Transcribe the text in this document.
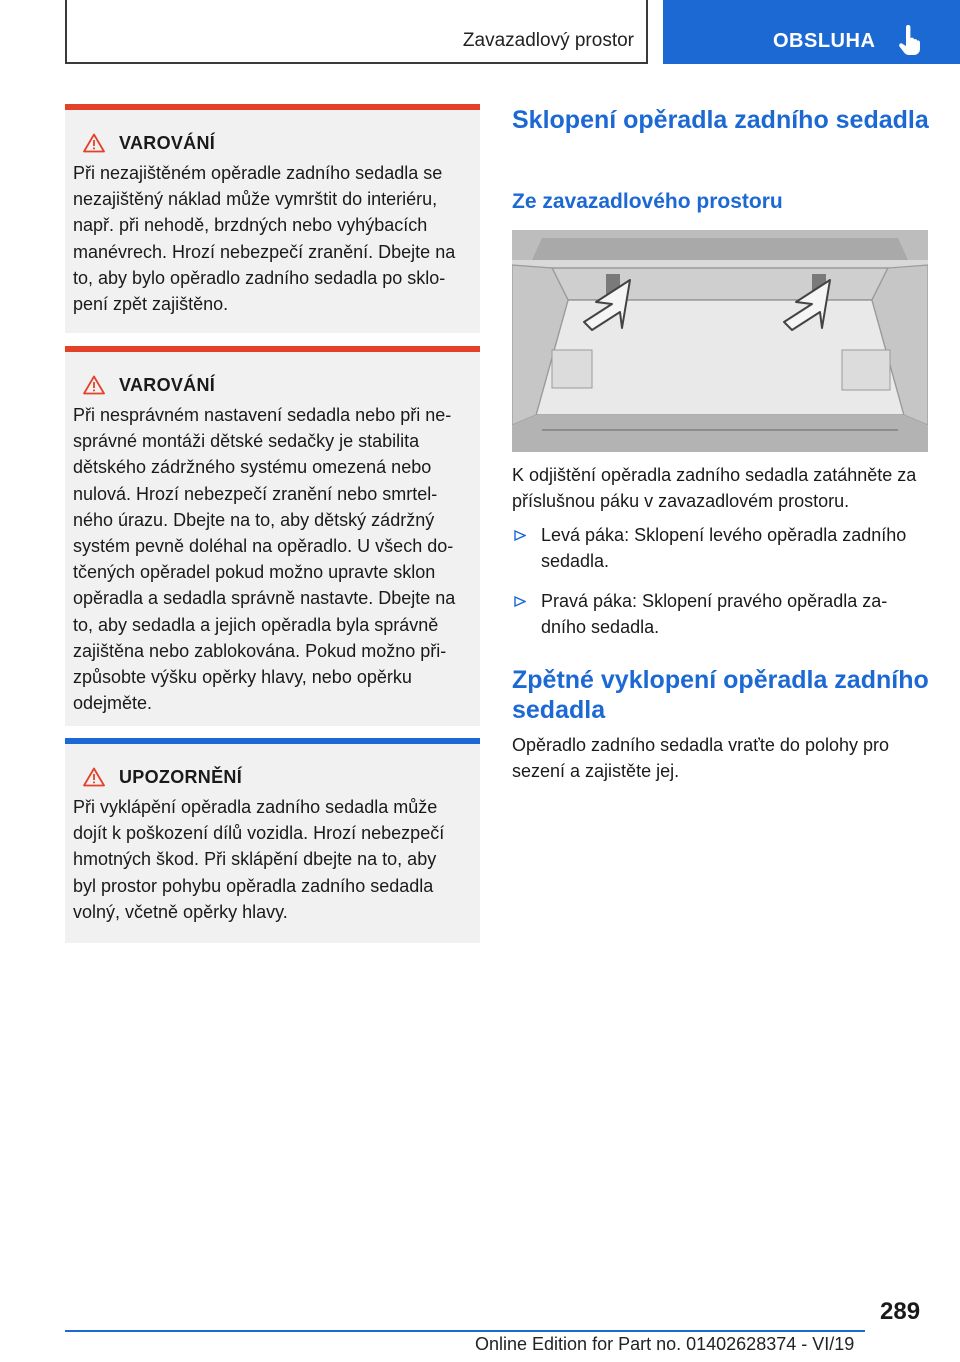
Zavazadlový prostor	OBSLUHA
VAROVÁNÍ
Při nezajištěném opěradle zadního sedadla se
nezajištěný náklad může vymrštit do interiéru,
např. při nehodě, brzdných nebo vyhýbacích
manévrech. Hrozí nebezpečí zranění. Dbejte na
to, aby bylo opěradlo zadního sedadla po sklo-
pení zpět zajištěno.
VAROVÁNÍ
Při nesprávném nastavení sedadla nebo při ne-
správné montáži dětské sedačky je stabilita
dětského zádržného systému omezená nebo
nulová. Hrozí nebezpečí zranění nebo smrtel-
ného úrazu. Dbejte na to, aby dětský zádržný
systém pevně doléhal na opěradlo. U všech do-
tčených opěradel pokud možno upravte sklon
opěradla a sedadla správně nastavte. Dbejte na
to, aby sedadla a jejich opěradla byla správně
zajištěna nebo zablokována. Pokud možno při-
způsobte výšku opěrky hlavy, nebo opěrku
odejměte.
UPOZORNĚNÍ
Při vyklápění opěradla zadního sedadla může
dojít k poškození dílů vozidla. Hrozí nebezpečí
hmotných škod. Při sklápění dbejte na to, aby
byl prostor pohybu opěradla zadního sedadla
volný, včetně opěrky hlavy.
Sklopení opěradla zadního sedadla
Ze zavazadlového prostoru
K odjištění opěradla zadního sedadla zatáhněte za příslušnou páku v zavazadlovém prostoru.
Levá páka: Sklopení levého opěradla zadního sedadla.
Pravá páka: Sklopení pravého opěradla za-dního sedadla.
Zpětné vyklopení opěradla zadního sedadla
Opěradlo zadního sedadla vraťte do polohy pro sezení a zajistěte jej.
289
Online Edition for Part no. 01402628374 - VI/19
